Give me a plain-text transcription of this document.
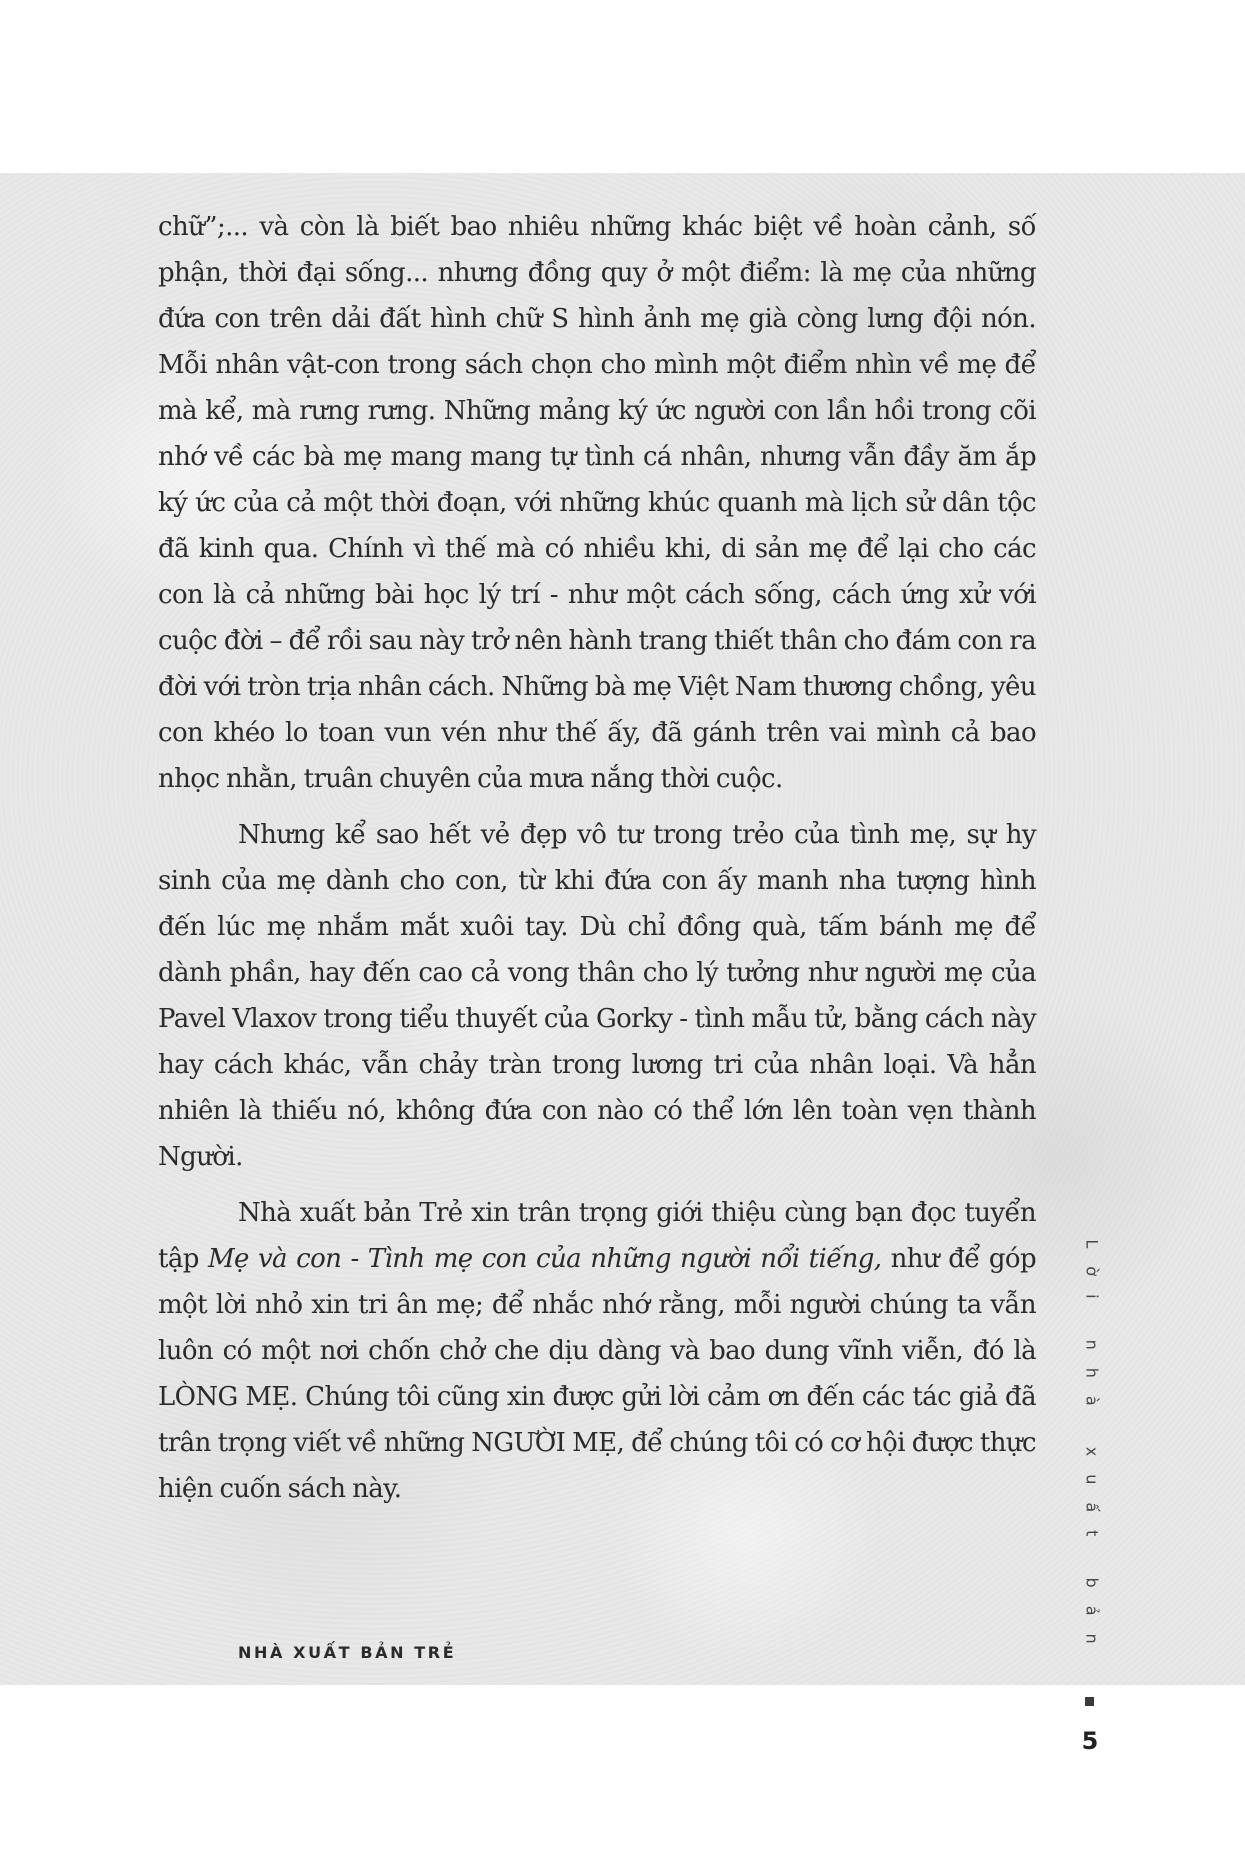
chữ”;... và còn là biết bao nhiêu những khác biệt về hoàn cảnh, số phận, thời đại sống... nhưng đồng quy ở một điểm: là mẹ của những đứa con trên dải đất hình chữ S hình ảnh mẹ già còng lưng đội nón. Mỗi nhân vật-con trong sách chọn cho mình một điểm nhìn về mẹ để mà kể, mà rưng rưng. Những mảng ký ức người con lần hồi trong cõi nhớ về các bà mẹ mang mang tự tình cá nhân, nhưng vẫn đầy ăm ắp ký ức của cả một thời đoạn, với những khúc quanh mà lịch sử dân tộc đã kinh qua. Chính vì thế mà có nhiều khi, di sản mẹ để lại cho các con là cả những bài học lý trí - như một cách sống, cách ứng xử với cuộc đời – để rồi sau này trở nên hành trang thiết thân cho đám con ra đời với tròn trịa nhân cách. Những bà mẹ Việt Nam thương chồng, yêu con khéo lo toan vun vén như thế ấy, đã gánh trên vai mình cả bao nhọc nhằn, truân chuyên của mưa nắng thời cuộc.

Nhưng kể sao hết vẻ đẹp vô tư trong trẻo của tình mẹ, sự hy sinh của mẹ dành cho con, từ khi đứa con ấy manh nha tượng hình đến lúc mẹ nhắm mắt xuôi tay. Dù chỉ đồng quà, tấm bánh mẹ để dành phần, hay đến cao cả vong thân cho lý tưởng như người mẹ của Pavel Vlaxov trong tiểu thuyết của Gorky - tình mẫu tử, bằng cách này hay cách khác, vẫn chảy tràn trong lương tri của nhân loại. Và hẳn nhiên là thiếu nó, không đứa con nào có thể lớn lên toàn vẹn thành Người.

Nhà xuất bản Trẻ xin trân trọng giới thiệu cùng bạn đọc tuyển tập Mẹ và con - Tình mẹ con của những người nổi tiếng, như để góp một lời nhỏ xin tri ân mẹ; để nhắc nhớ rằng, mỗi người chúng ta vẫn luôn có một nơi chốn chở che dịu dàng và bao dung vĩnh viễn, đó là LÒNG MẸ. Chúng tôi cũng xin được gửi lời cảm ơn đến các tác giả đã trân trọng viết về những NGƯỜI MẸ, để chúng tôi có cơ hội được thực hiện cuốn sách này.

NHÀ XUẤT BẢN TRẺ	Lời nhà xuất bản
5
